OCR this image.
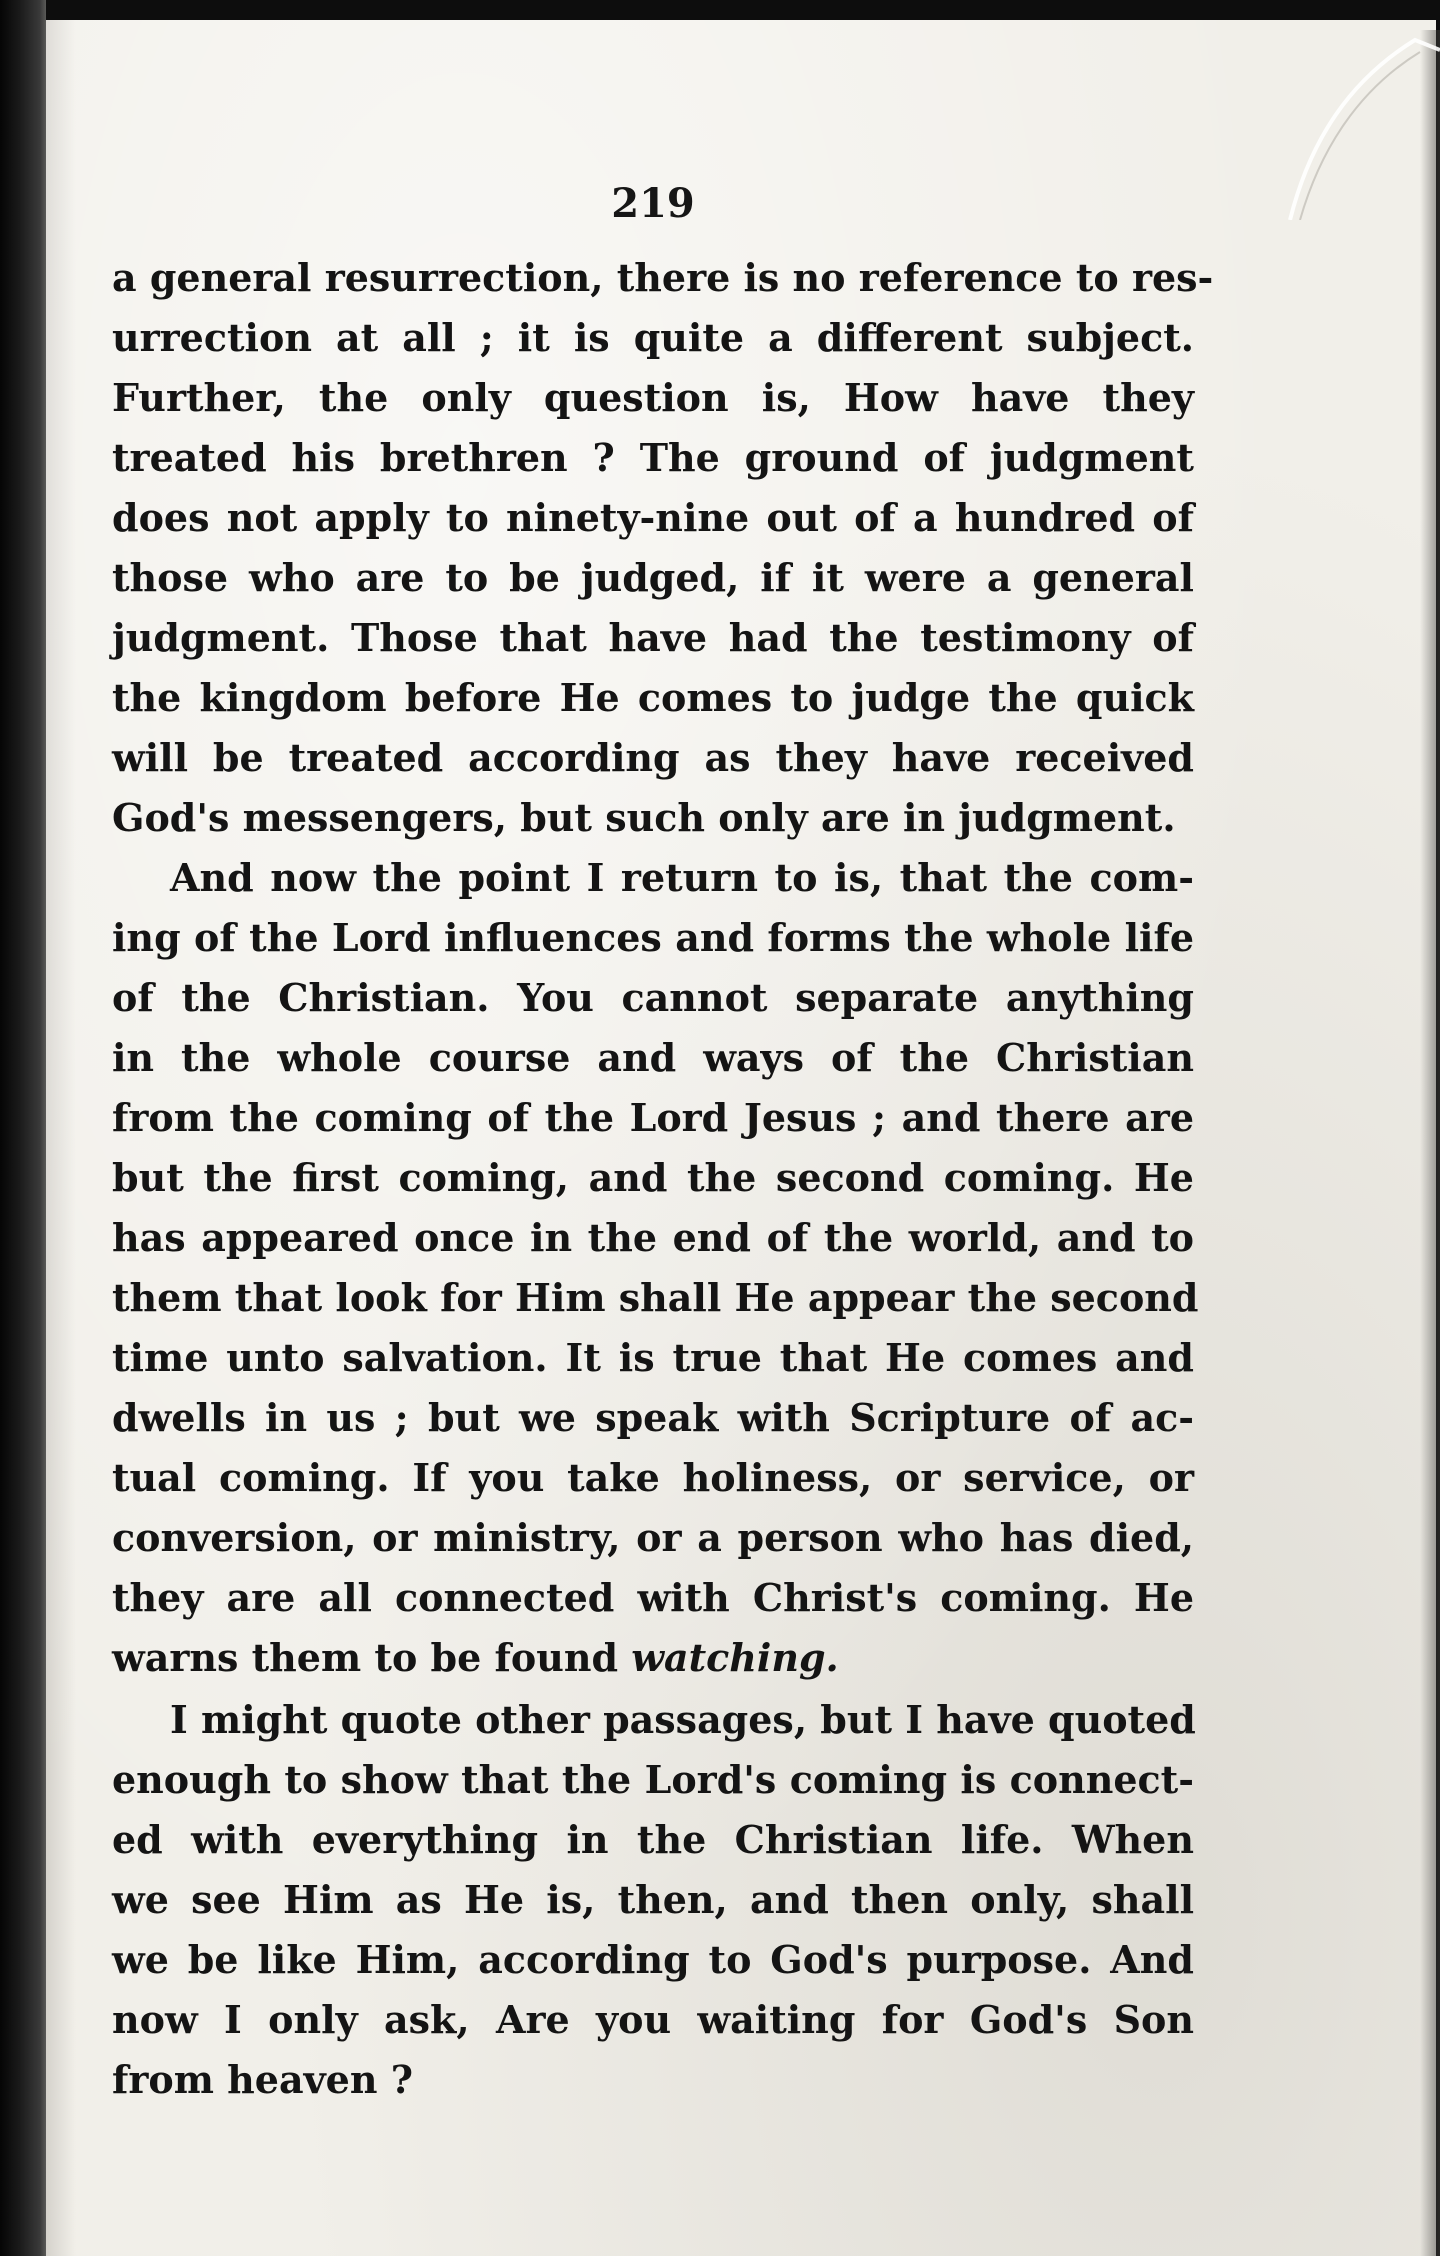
219
a general resurrection, there is no reference to res-
urrection at all ; it is quite a different subject.
Further, the only question is, How have they
treated his brethren ? The ground of judgment
does not apply to ninety-nine out of a hundred of
those who are to be judged, if it were a general
judgment. Those that have had the testimony of
the kingdom before He comes to judge the quick
will be treated according as they have received
God's messengers, but such only are in judgment.
And now the point I return to is, that the com-
ing of the Lord influences and forms the whole life
of the Christian. You cannot separate anything
in the whole course and ways of the Christian
from the coming of the Lord Jesus ; and there are
but the first coming, and the second coming. He
has appeared once in the end of the world, and to
them that look for Him shall He appear the second
time unto salvation. It is true that He comes and
dwells in us ; but we speak with Scripture of ac-
tual coming. If you take holiness, or service, or
conversion, or ministry, or a person who has died,
they are all connected with Christ's coming. He
warns them to be found watching.
I might quote other passages, but I have quoted
enough to show that the Lord's coming is connect-
ed with everything in the Christian life. When
we see Him as He is, then, and then only, shall
we be like Him, according to God's purpose. And
now I only ask, Are you waiting for God's Son
from heaven ?
